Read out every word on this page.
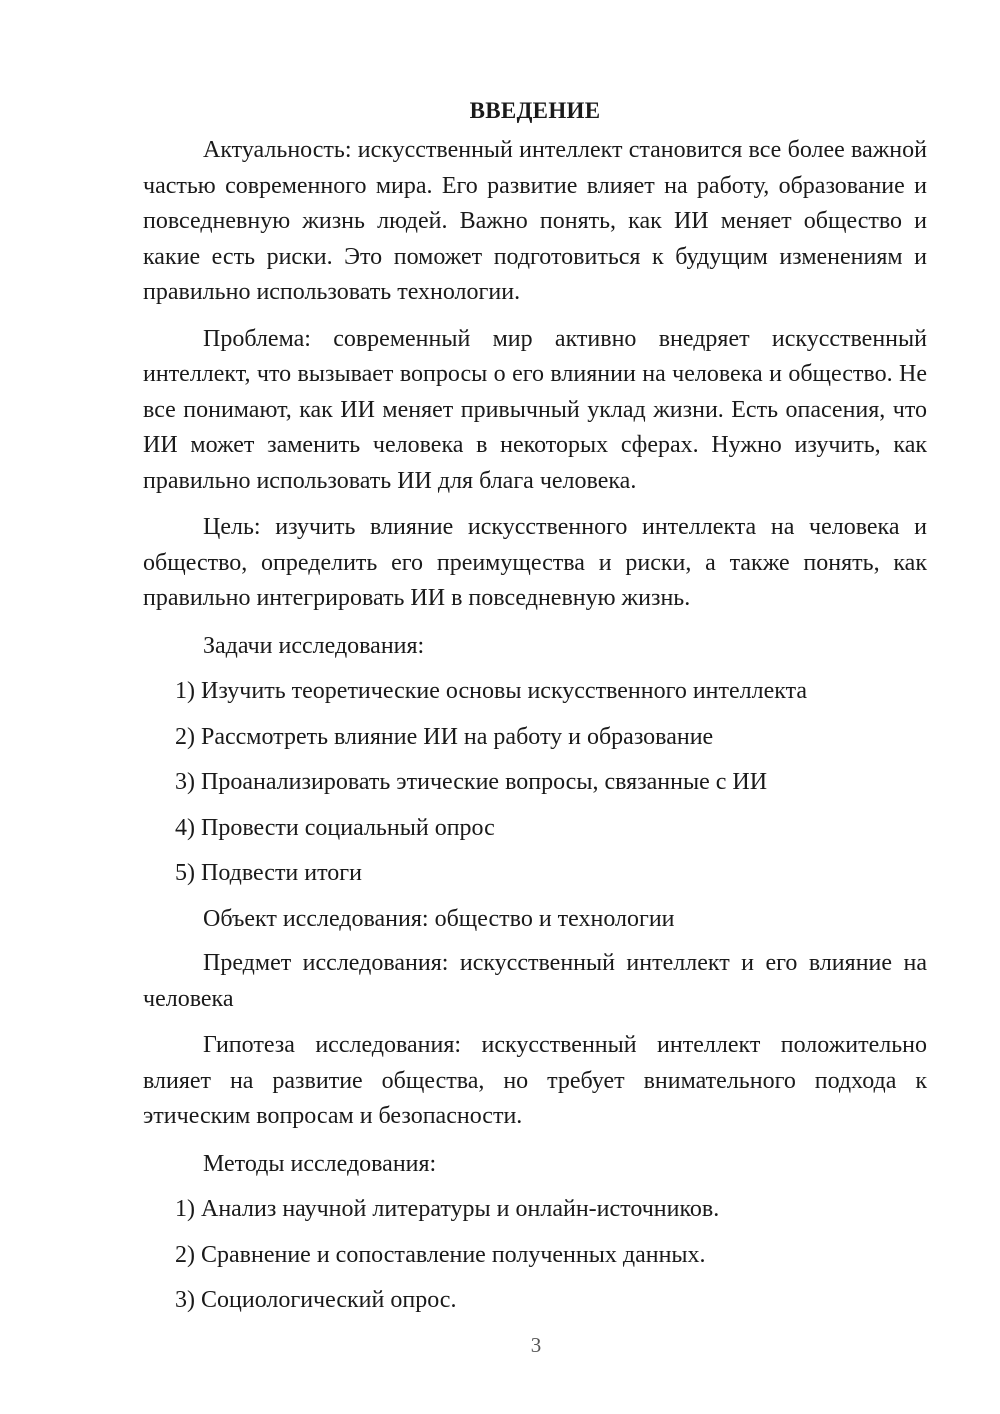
ВВЕДЕНИЕ

Актуальность: искусственный интеллект становится все более важной частью современного мира. Его развитие влияет на работу, образование и повседневную жизнь людей. Важно понять, как ИИ меняет общество и какие есть риски. Это поможет подготовиться к будущим изменениям и правильно использовать технологии.

Проблема: современный мир активно внедряет искусственный интеллект, что вызывает вопросы о его влиянии на человека и общество. Не все понимают, как ИИ меняет привычный уклад жизни. Есть опасения, что ИИ может заменить человека в некоторых сферах. Нужно изучить, как правильно использовать ИИ для блага человека.

Цель: изучить влияние искусственного интеллекта на человека и общество, определить его преимущества и риски, а также понять, как правильно интегрировать ИИ в повседневную жизнь.

Задачи исследования:

1) Изучить теоретические основы искусственного интеллекта
2) Рассмотреть влияние ИИ на работу и образование
3) Проанализировать этические вопросы, связанные с ИИ
4) Провести социальный опрос
5) Подвести итоги

Объект исследования: общество и технологии

Предмет исследования: искусственный интеллект и его влияние на человека

Гипотеза исследования: искусственный интеллект положительно влияет на развитие общества, но требует внимательного подхода к этическим вопросам и безопасности.

Методы исследования:

1) Анализ научной литературы и онлайн-источников.
2) Сравнение и сопоставление полученных данных.
3) Социологический опрос.
3
